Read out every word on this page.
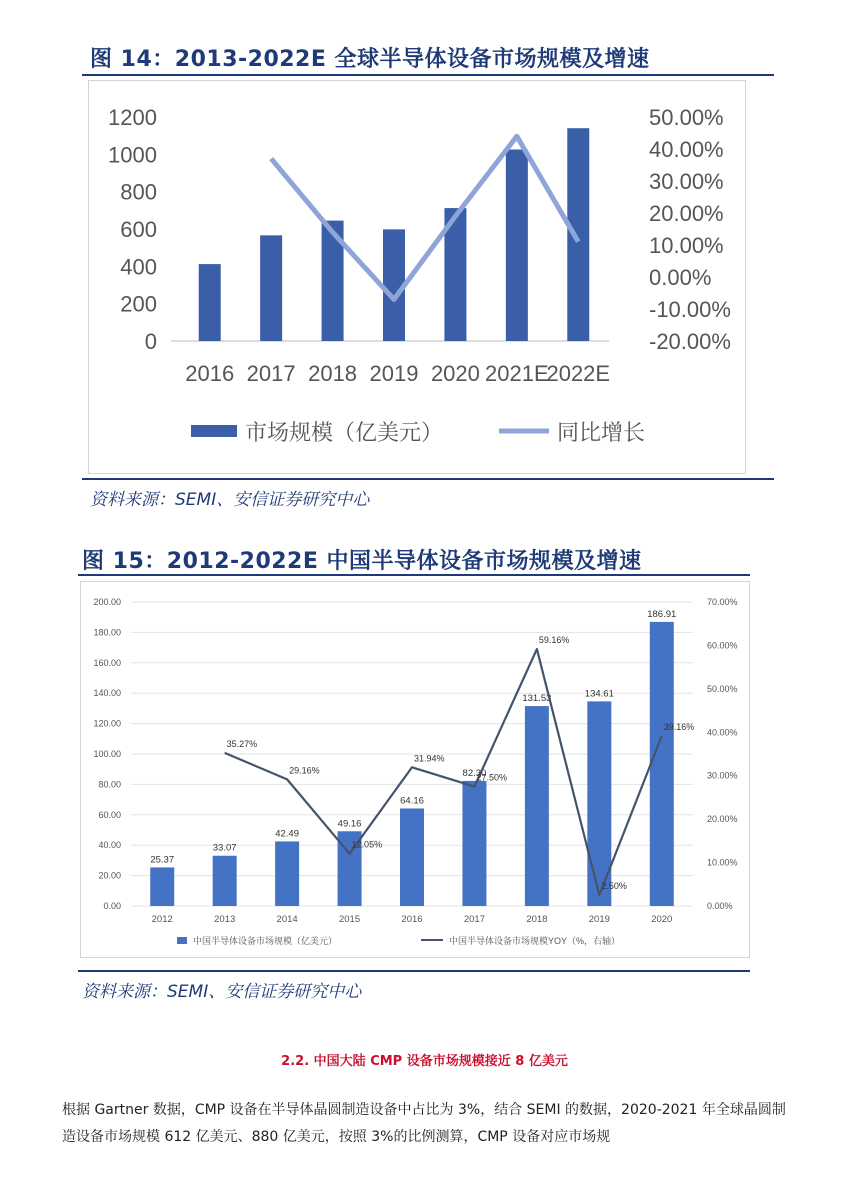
图 14：2013-2022E 全球半导体设备市场规模及增速
0
200
400
600
800
1000
1200
-20.00%
-10.00%
0.00%
10.00%
20.00%
30.00%
40.00%
50.00%
2016 2017 2018 2019 2020 2021E
2022E
市场规模（亿美元）	同比增长
资料来源：SEMI、安信证券研究中心
图 15：2012-2022E 中国半导体设备市场规模及增速
0.00
20.00
40.00
60.00
80.00
100.00
120.00
140.00
160.00
180.00
200.00
0.00%
10.00%
20.00%
30.00%
40.00%
50.00%
60.00%
70.00%
25.37
33.07
42.49
49.16
64.16
82.30
131.53	134.61
186.91
35.27%
29.16%
12.05%
31.94%
27.50%
59.16%
2.50%
39.16%
2012	2013	2014	2015	2016	2017	2018	2019	2020
中国半导体设备市场规模（亿美元）	中国半导体设备市场规模YOY（%，右轴）
资料来源：SEMI、安信证券研究中心
2.2. 中国大陆 CMP 设备市场规模接近 8 亿美元
根据 Gartner 数据，CMP 设备在半导体晶圆制造设备中占比为 3%，结合 SEMI 的数据，2020-2021 年全球晶圆制造设备市场规模 612 亿美元、880 亿美元，按照 3%的比例测算，CMP 设备对应市场规
